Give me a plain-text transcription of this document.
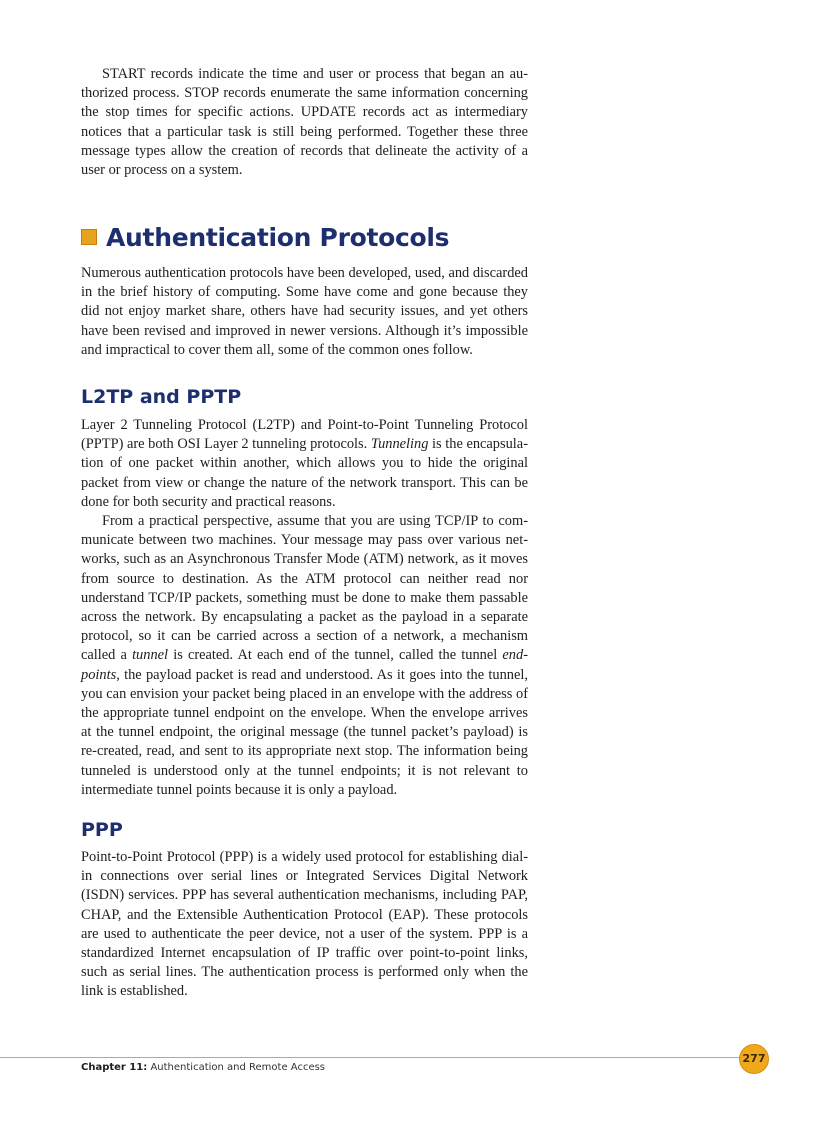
START records indicate the time and user or process that began an authorized process. STOP records enumerate the same information concerning the stop times for specific actions. UPDATE records act as intermediary notices that a particular task is still being performed. Together these three message types allow the creation of records that delineate the activity of a user or process on a system.

Authentication Protocols

Numerous authentication protocols have been developed, used, and discarded in the brief history of computing. Some have come and gone because they did not enjoy market share, others have had security issues, and yet others have been revised and improved in newer versions. Although it’s impossible and impractical to cover them all, some of the common ones follow.

L2TP and PPTP

Layer 2 Tunneling Protocol (L2TP) and Point-to-Point Tunneling Protocol (PPTP) are both OSI Layer 2 tunneling protocols. Tunneling is the encapsulation of one packet within another, which allows you to hide the original packet from view or change the nature of the network transport. This can be done for both security and practical reasons.

From a practical perspective, assume that you are using TCP/IP to communicate between two machines. Your message may pass over various networks, such as an Asynchronous Transfer Mode (ATM) network, as it moves from source to destination. As the ATM protocol can neither read nor understand TCP/IP packets, something must be done to make them passable across the network. By encapsulating a packet as the payload in a separate protocol, so it can be carried across a section of a network, a mechanism called a tunnel is created. At each end of the tunnel, called the tunnel endpoints, the payload packet is read and understood. As it goes into the tunnel, you can envision your packet being placed in an envelope with the address of the appropriate tunnel endpoint on the envelope. When the envelope arrives at the tunnel endpoint, the original message (the tunnel packet’s payload) is re-created, read, and sent to its appropriate next stop. The information being tunneled is understood only at the tunnel endpoints; it is not relevant to intermediate tunnel points because it is only a payload.

PPP

Point-to-Point Protocol (PPP) is a widely used protocol for establishing dial-in connections over serial lines or Integrated Services Digital Network (ISDN) services. PPP has several authentication mechanisms, including PAP, CHAP, and the Extensible Authentication Protocol (EAP). These protocols are used to authenticate the peer device, not a user of the system. PPP is a standardized Internet encapsulation of IP traffic over point-to-point links, such as serial lines. The authentication process is performed only when the link is established.

277

Chapter 11: Authentication and Remote Access
